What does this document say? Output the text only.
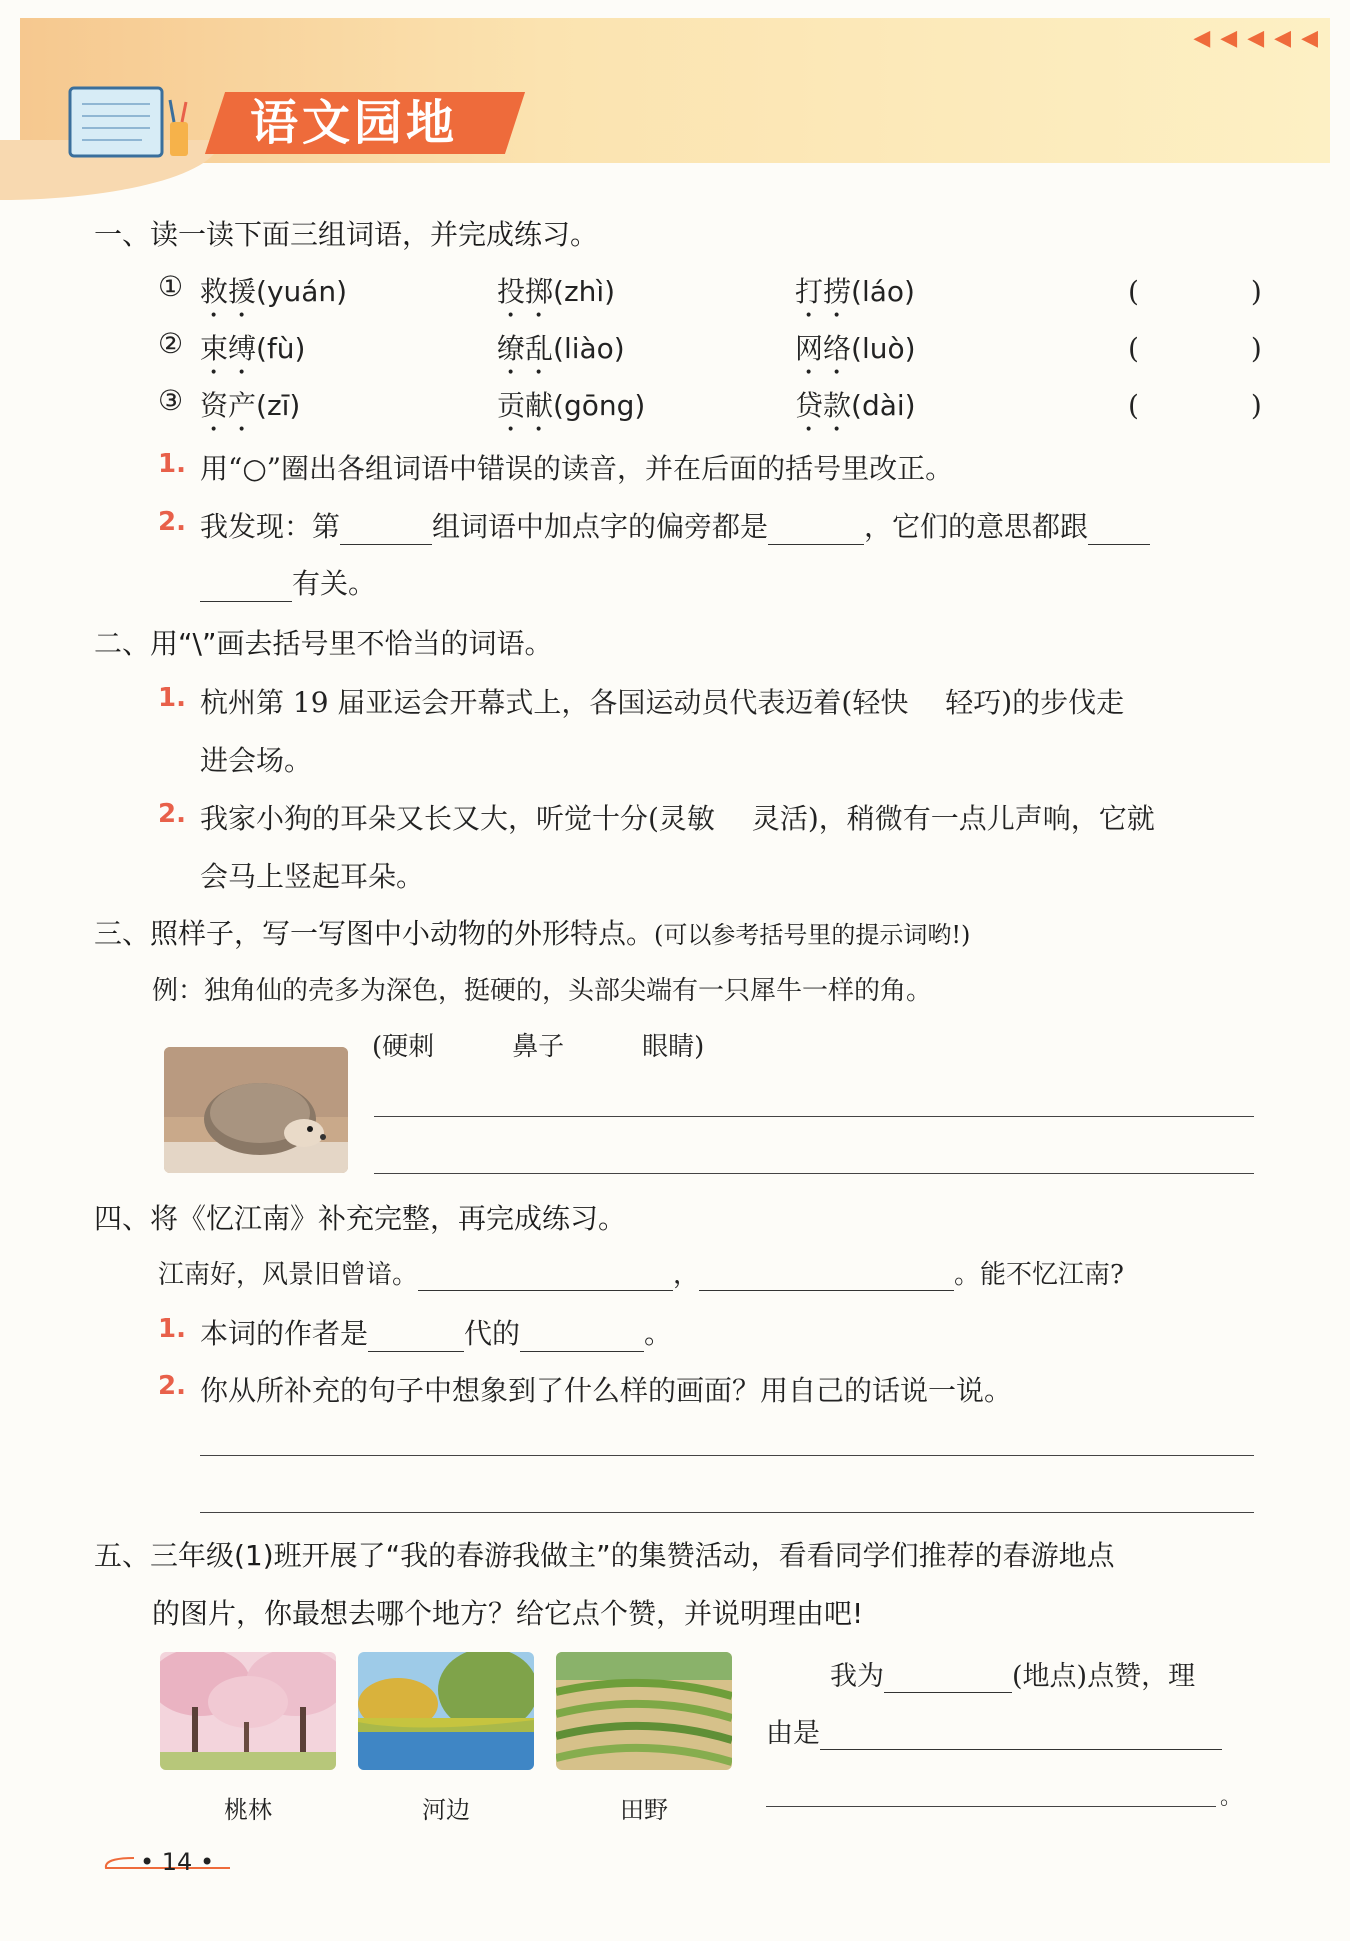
语文园地
◀◀◀◀◀
一、读一读下面三组词语，并完成练习。
① 救援(yuán)	投掷(zhì)	打捞(láo)	(　　　　)
② 束缚(fù)	缭乱(liào)	网络(luò)	(　　　　)
③ 资产(zī)	贡献(gōng)	贷款(dài)	(　　　　)
1. 用“○”圈出各组词语中错误的读音，并在后面的括号里改正。
2. 我发现：第	组词语中加点字的偏旁都是	，它们的意思都跟
有关。
二、用“\”画去括号里不恰当的词语。
1. 杭州第 19 届亚运会开幕式上，各国运动员代表迈着(轻快　 轻巧)的步伐走
进会场。
2. 我家小狗的耳朵又长又大，听觉十分(灵敏　 灵活)，稍微有一点儿声响，它就
会马上竖起耳朵。
三、照样子，写一写图中小动物的外形特点。(可以参考括号里的提示词哟!)
例：独角仙的壳多为深色，挺硬的，头部尖端有一只犀牛一样的角。
(硬刺　　　鼻子　　　眼睛)
四、将《忆江南》补充完整，再完成练习。
江南好，风景旧曾谙。	，	。能不忆江南?
1. 本词的作者是	代的	。
2. 你从所补充的句子中想象到了什么样的画面？用自己的话说一说。
五、三年级(1)班开展了“我的春游我做主”的集赞活动，看看同学们推荐的春游地点
的图片，你最想去哪个地方？给它点个赞，并说明理由吧!
桃林	河边	田野
我为	(地点)点赞，理
由是
。
• 14 •
